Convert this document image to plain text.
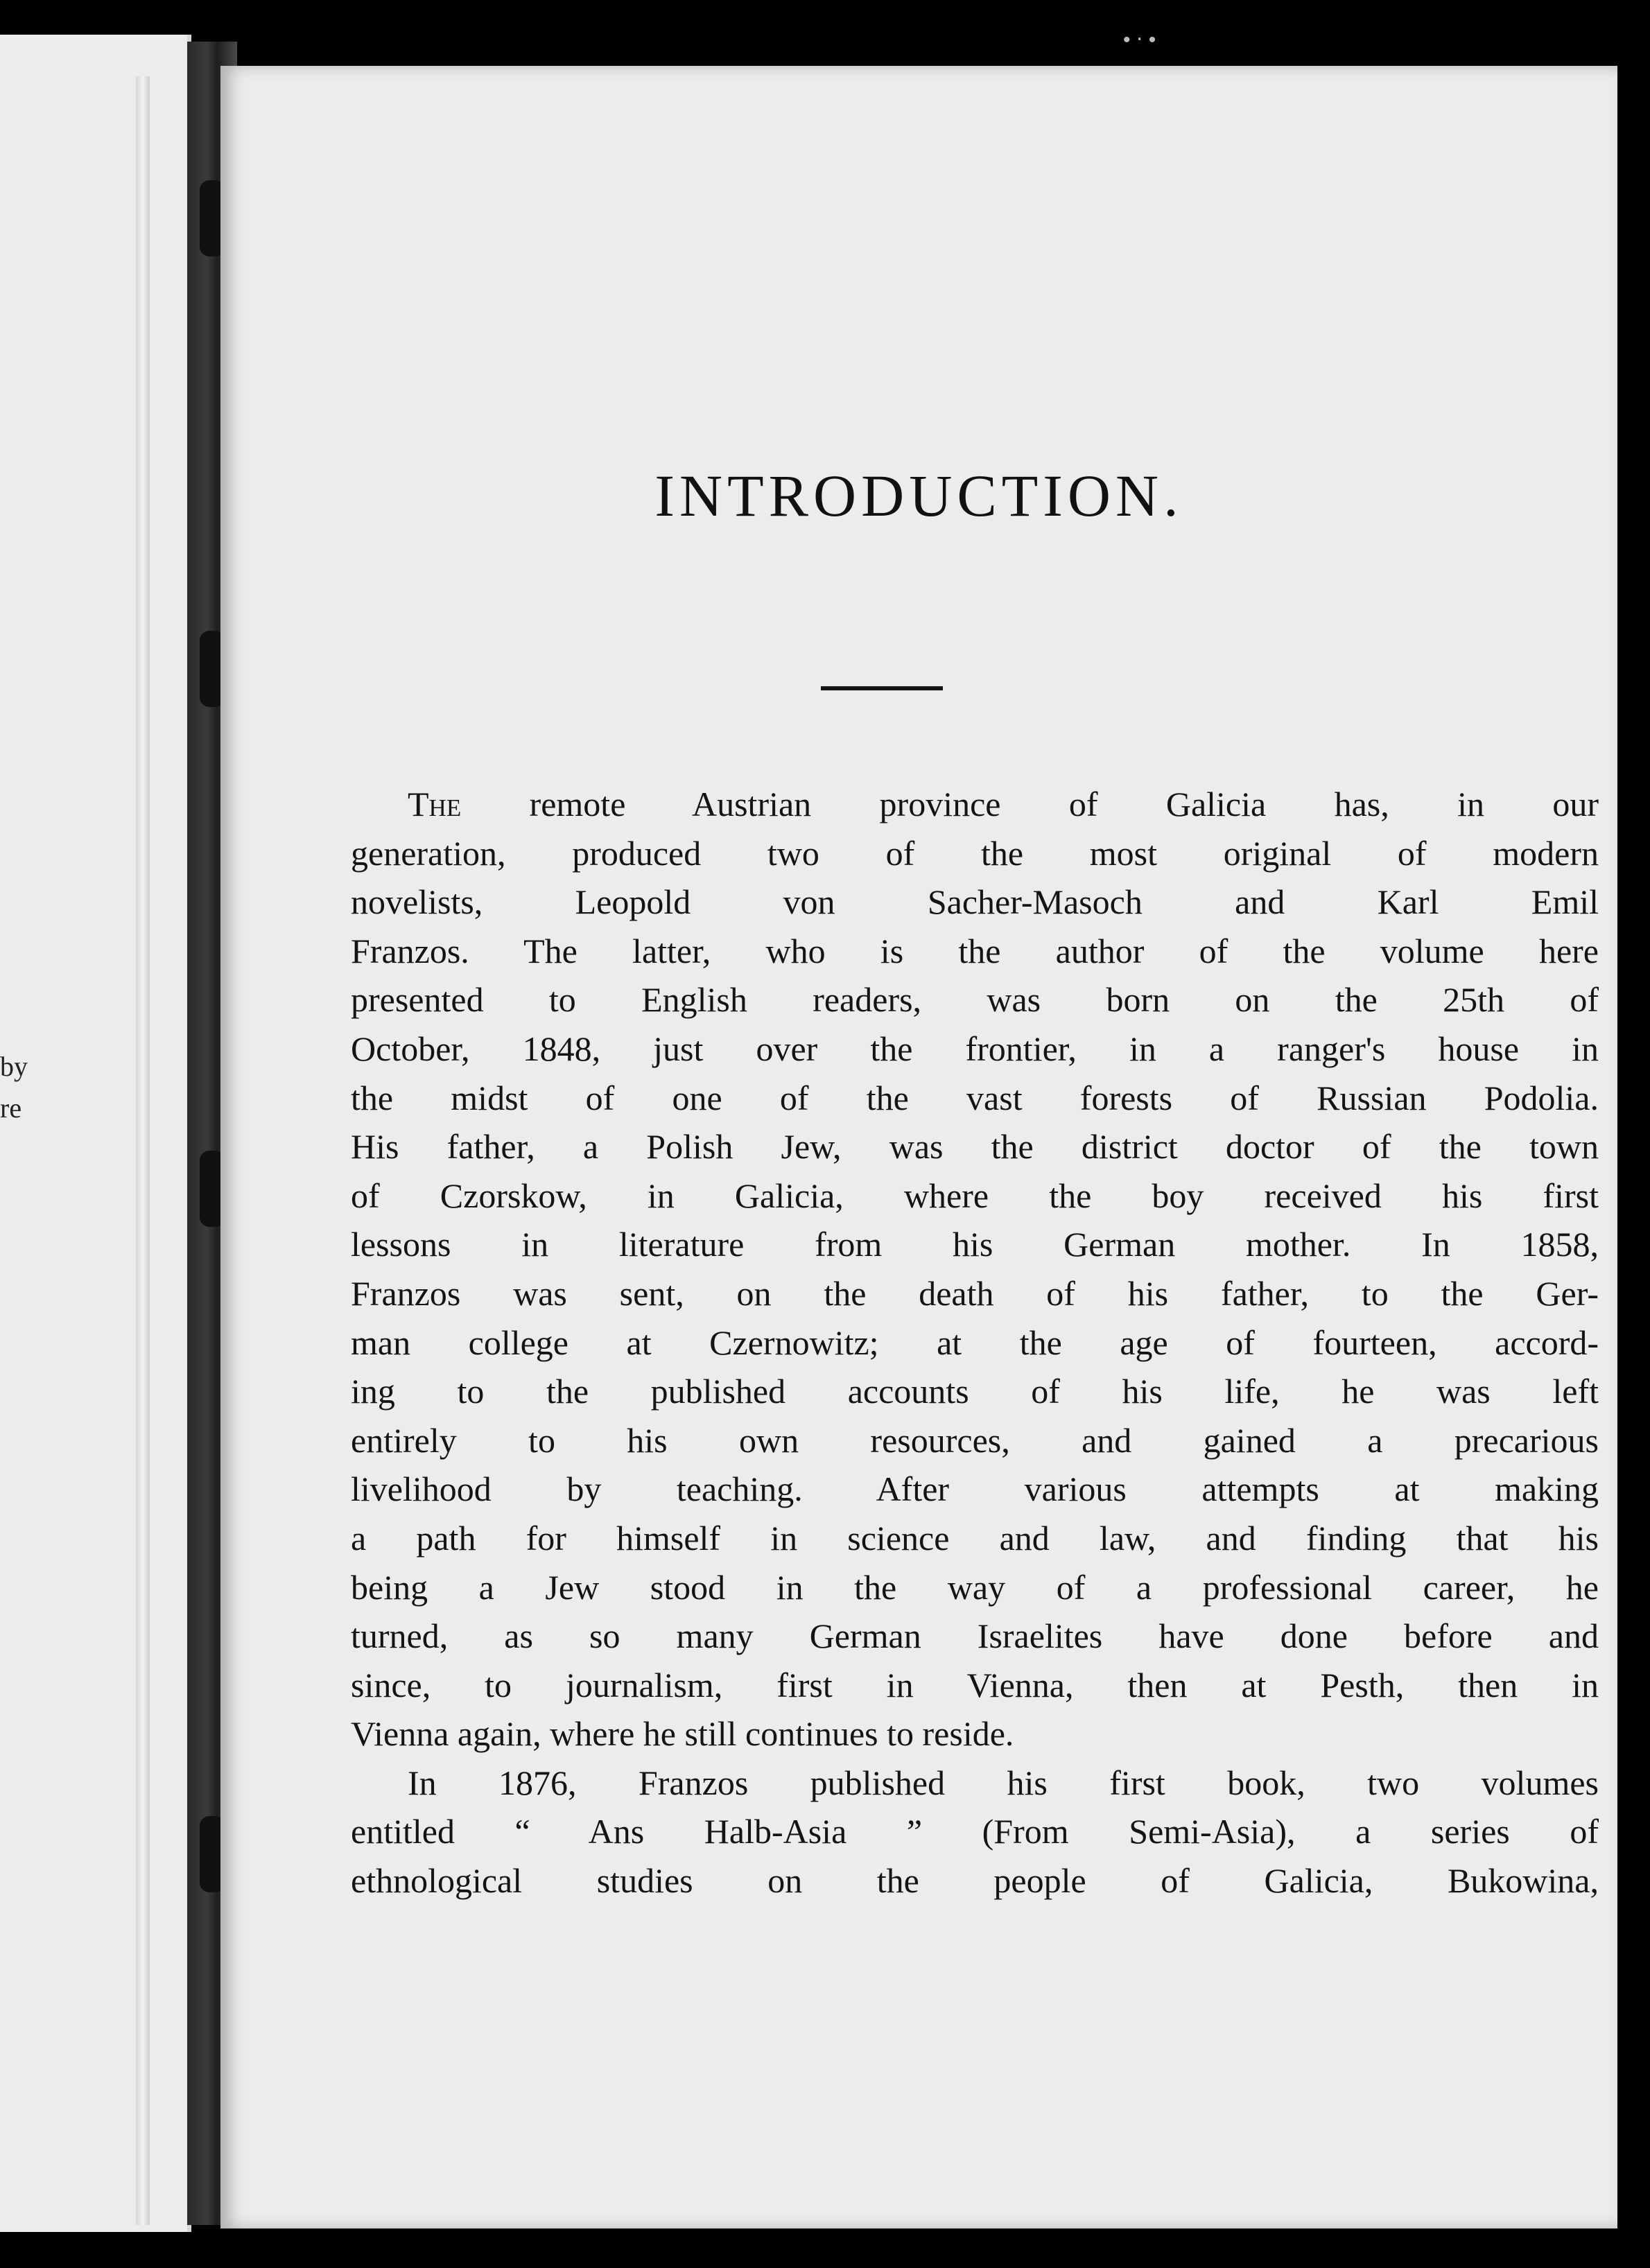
• ‧ •
by
re
INTRODUCTION.
The remote Austrian province of Galicia has, in our
generation, produced two of the most original of modern
novelists, Leopold von Sacher-Masoch and Karl Emil
Franzos. The latter, who is the author of the volume here
presented to English readers, was born on the 25th of
October, 1848, just over the frontier, in a ranger's house in
the midst of one of the vast forests of Russian Podolia.
His father, a Polish Jew, was the district doctor of the town
of Czorskow, in Galicia, where the boy received his first
lessons in literature from his German mother. In 1858,
Franzos was sent, on the death of his father, to the Ger-
man college at Czernowitz; at the age of fourteen, accord-
ing to the published accounts of his life, he was left
entirely to his own resources, and gained a precarious
livelihood by teaching. After various attempts at making
a path for himself in science and law, and finding that his
being a Jew stood in the way of a professional career, he
turned, as so many German Israelites have done before and
since, to journalism, first in Vienna, then at Pesth, then in
Vienna again, where he still continues to reside.
In 1876, Franzos published his first book, two volumes
entitled “ Ans Halb-Asia ” (From Semi-Asia), a series of
ethnological studies on the people of Galicia, Bukowina,
